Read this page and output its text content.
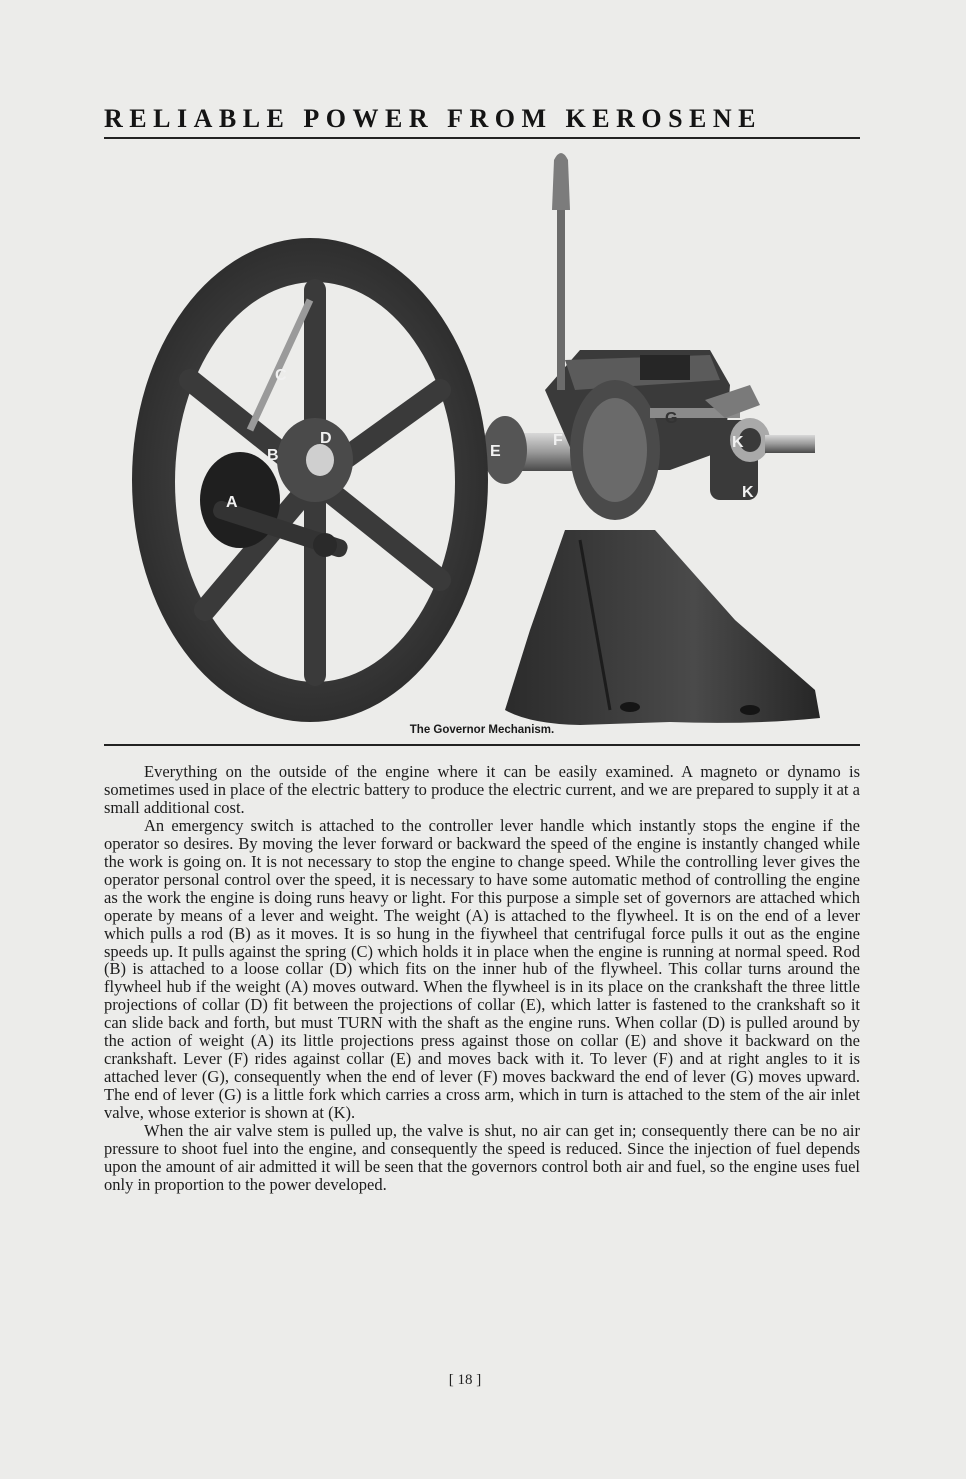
RELIABLE POWER FROM KEROSENE
A
B
C
D
E
F
G
K
K
The Governor Mechanism.

Everything on the outside of the engine where it can be easily examined. A magneto or dynamo is sometimes used in place of the electric battery to produce the electric current, and we are prepared to supply it at a small additional cost.

An emergency switch is attached to the controller lever handle which instantly stops the engine if the operator so desires. By moving the lever forward or backward the speed of the engine is instantly changed while the work is going on. It is not necessary to stop the engine to change speed. While the controlling lever gives the operator personal control over the speed, it is necessary to have some automatic method of controlling the engine as the work the engine is doing runs heavy or light. For this purpose a simple set of governors are attached which operate by means of a lever and weight. The weight (A) is attached to the flywheel. It is on the end of a lever which pulls a rod (B) as it moves. It is so hung in the fiywheel that centrifugal force pulls it out as the engine speeds up. It pulls against the spring (C) which holds it in place when the engine is running at normal speed. Rod (B) is attached to a loose collar (D) which fits on the inner hub of the flywheel. This collar turns around the flywheel hub if the weight (A) moves outward. When the flywheel is in its place on the crankshaft the three little projections of collar (D) fit between the projections of collar (E), which latter is fastened to the crankshaft so it can slide back and forth, but must TURN with the shaft as the engine runs. When collar (D) is pulled around by the action of weight (A) its little projections press against those on collar (E) and shove it backward on the crankshaft. Lever (F) rides against collar (E) and moves back with it. To lever (F) and at right angles to it is attached lever (G), consequently when the end of lever (F) moves backward the end of lever (G) moves upward. The end of lever (G) is a little fork which carries a cross arm, which in turn is attached to the stem of the air inlet valve, whose exterior is shown at (K).

When the air valve stem is pulled up, the valve is shut, no air can get in; consequently there can be no air pressure to shoot fuel into the engine, and consequently the speed is reduced. Since the injection of fuel depends upon the amount of air admitted it will be seen that the governors control both air and fuel, so the engine uses fuel only in proportion to the power developed.

[ 18 ]
